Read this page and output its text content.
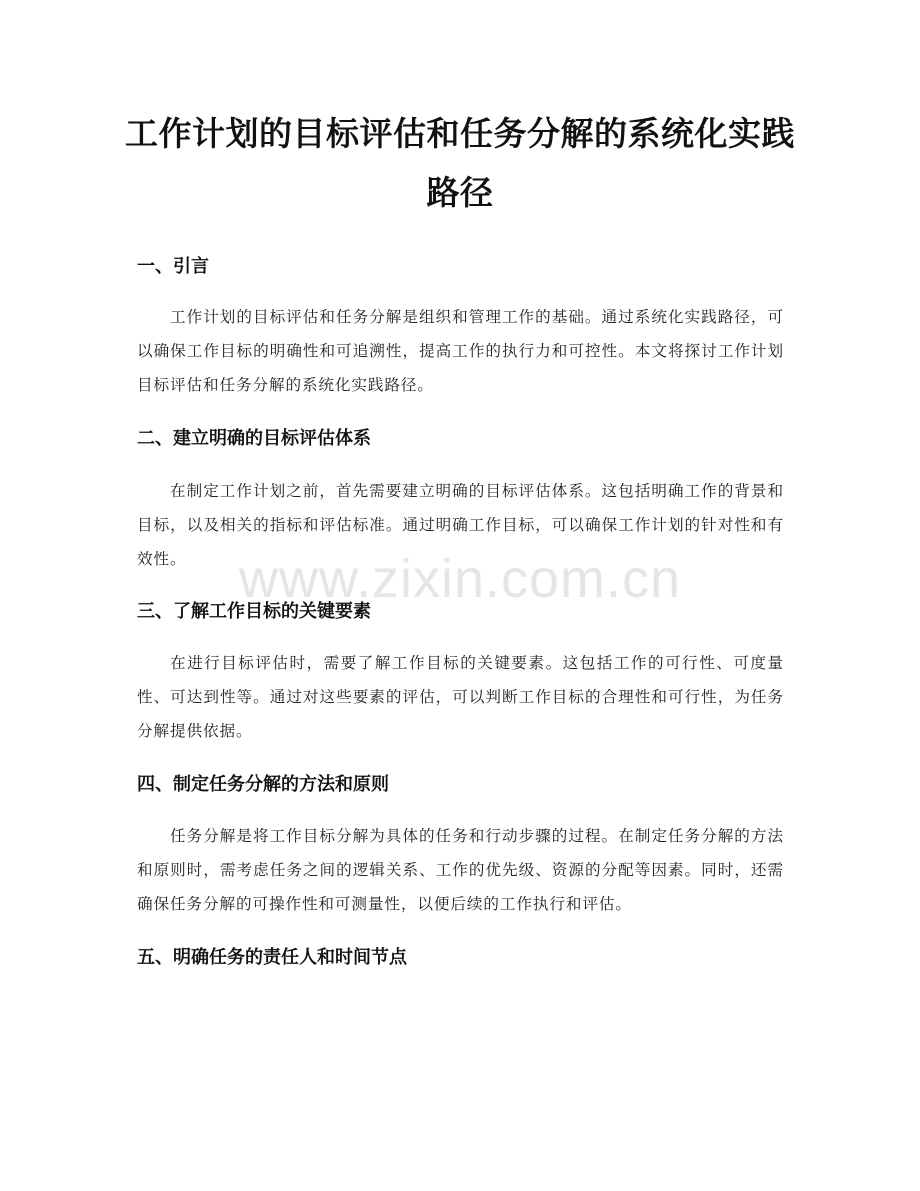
工作计划的目标评估和任务分解的系统化实践路径
一、引言

工作计划的目标评估和任务分解是组织和管理工作的基础。通过系统化实践路径，可以确保工作目标的明确性和可追溯性，提高工作的执行力和可控性。本文将探讨工作计划目标评估和任务分解的系统化实践路径。

二、建立明确的目标评估体系

在制定工作计划之前，首先需要建立明确的目标评估体系。这包括明确工作的背景和目标，以及相关的指标和评估标准。通过明确工作目标，可以确保工作计划的针对性和有效性。

三、了解工作目标的关键要素

在进行目标评估时，需要了解工作目标的关键要素。这包括工作的可行性、可度量性、可达到性等。通过对这些要素的评估，可以判断工作目标的合理性和可行性，为任务分解提供依据。

四、制定任务分解的方法和原则

任务分解是将工作目标分解为具体的任务和行动步骤的过程。在制定任务分解的方法和原则时，需考虑任务之间的逻辑关系、工作的优先级、资源的分配等因素。同时，还需确保任务分解的可操作性和可测量性，以便后续的工作执行和评估。

五、明确任务的责任人和时间节点
www.zixin.com.cn
